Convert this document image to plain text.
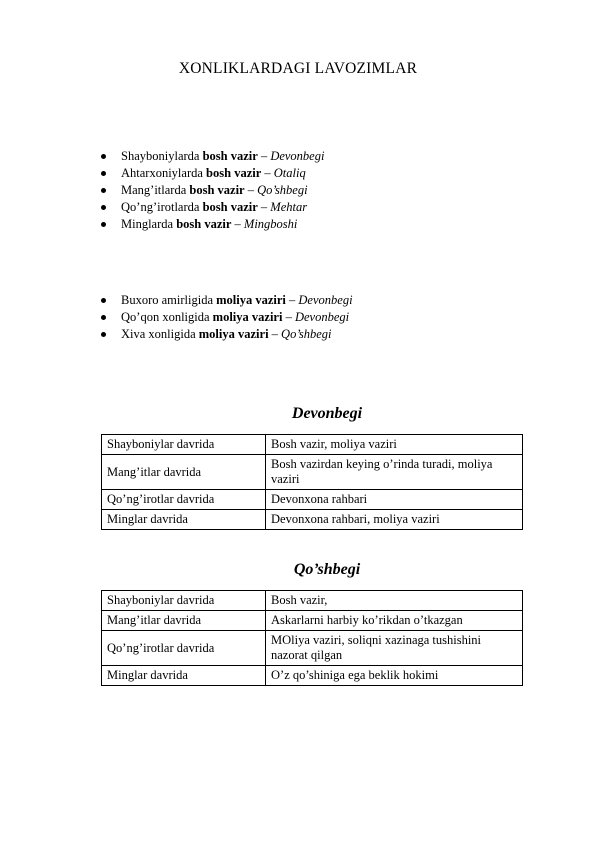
XONLIKLARDAGI LAVOZIMLAR
Shayboniylarda bosh vazir – Devonbegi
Ahtarxoniylarda bosh vazir – Otaliq
Mang’itlarda bosh vazir – Qo’shbegi
Qo’ng’irotlarda bosh vazir – Mehtar
Minglarda bosh vazir – Mingboshi
Buxoro amirligida moliya vaziri – Devonbegi
Qo’qon xonligida moliya vaziri – Devonbegi
Xiva xonligida moliya vaziri – Qo’shbegi
Devonbegi
Shayboniylar davrida	Bosh vazir, moliya vaziri
Mang’itlar davrida	Bosh vazirdan keying o’rinda turadi, moliya vaziri
Qo’ng’irotlar davrida	Devonxona rahbari
Minglar davrida	Devonxona rahbari, moliya vaziri
Qo’shbegi
Shayboniylar davrida	Bosh vazir,
Mang’itlar davrida	Askarlarni harbiy ko’rikdan o’tkazgan
Qo’ng’irotlar davrida	MOliya vaziri, soliqni xazinaga tushishini nazorat qilgan
Minglar davrida	O’z qo’shiniga ega beklik hokimi
